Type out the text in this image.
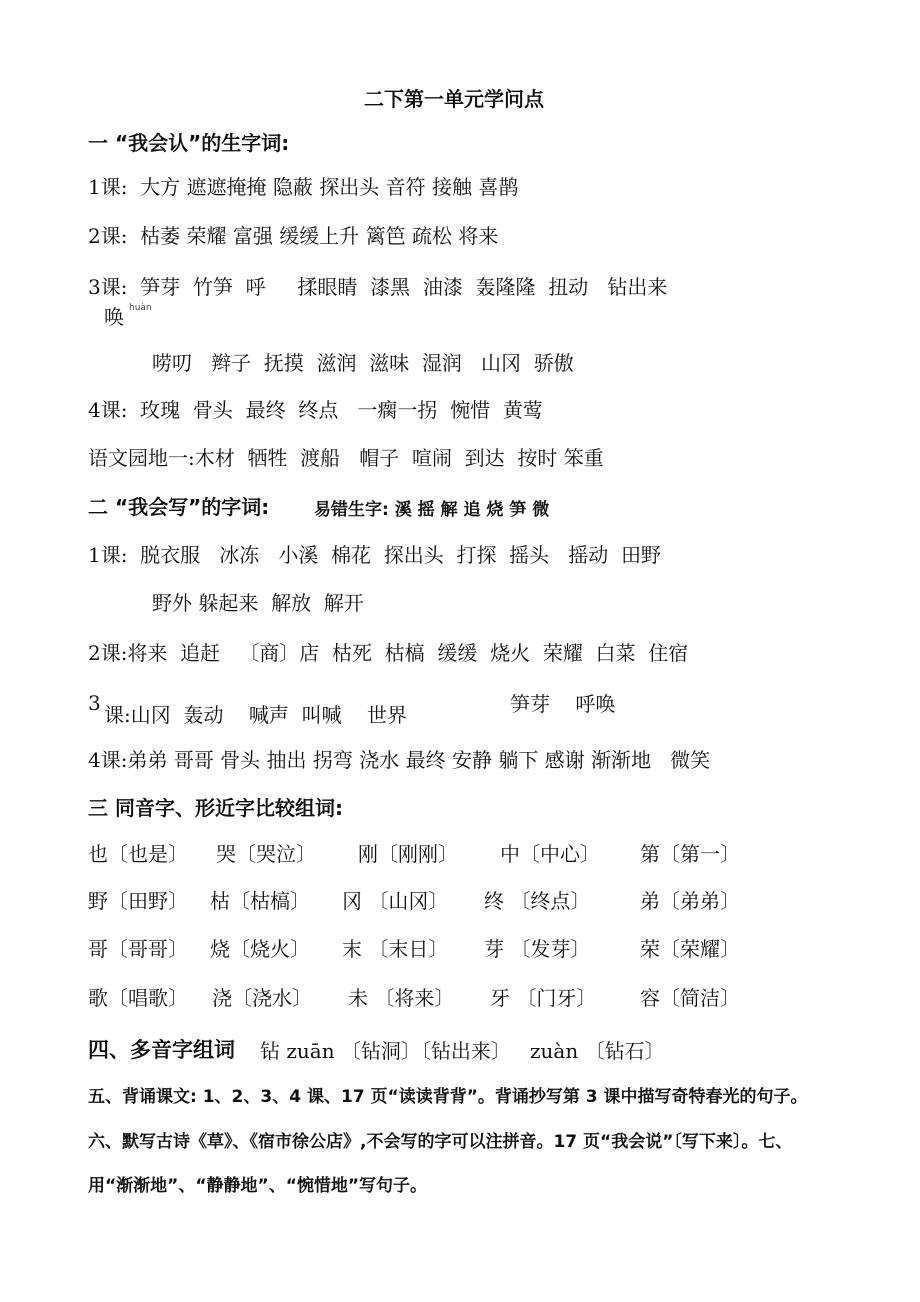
二下第一单元学问点
一 “我会认”的生字词:
1课:  大方 遮遮掩掩 隐蔽 探出头 音符 接触 喜鹊
2课:  枯萎 荣耀 富强 缓缓上升 篱笆 疏松 将来
3课:  笋芽  竹笋  呼     揉眼睛  漆黑  油漆  轰隆隆  扭动   钻出来
唤 huàn
唠叨   辫子  抚摸  滋润  滋味  湿润   山冈  骄傲
4课:  玫瑰  骨头  最终  终点   一瘸一拐  惋惜  黄莺
语文园地一:木材  牺牲  渡船   帽子  喧闹  到达  按时 笨重
二 “我会写”的字词:	易错生字: 溪 摇 解 追 烧 笋 微
1课:  脱衣服   冰冻   小溪  棉花  探出头  打探  摇头   摇动  田野
野外 躲起来  解放  解开
2课:将来  追赶   〔商〕店  枯死  枯槁  缓缓  烧火  荣耀  白菜  住宿
3 课:山冈  轰动    喊声  叫喊    世界	笋芽    呼唤
4课:弟弟 哥哥 骨头 抽出 拐弯 浇水 最终 安静 躺下 感谢 渐渐地   微笑
三 同音字、形近字比较组词:
也〔也是〕 哭〔哭泣〕 刚〔刚刚〕 中〔中心〕 第〔第一〕
野〔田野〕 枯〔枯槁〕 冈 〔山冈〕 终 〔终点〕 弟〔弟弟〕
哥〔哥哥〕 烧〔烧火〕 末 〔末日〕 芽 〔发芽〕 荣〔荣耀〕
歌〔唱歌〕 浇〔浇水〕 未 〔将来〕 牙 〔门牙〕 容〔简洁〕
四、多音字组词 钻 zuān 〔钻洞〕〔钻出来〕   zuàn 〔钻石〕
五、背诵课文: 1、2、3、4 课、17 页“读读背背”。背诵抄写第 3 课中描写奇特春光的句子。
六、默写古诗《草》、《宿市徐公店》,不会写的字可以注拼音。17 页“我会说”〔写下来〕。七、
用“渐渐地”、“静静地”、“惋惜地”写句子。
